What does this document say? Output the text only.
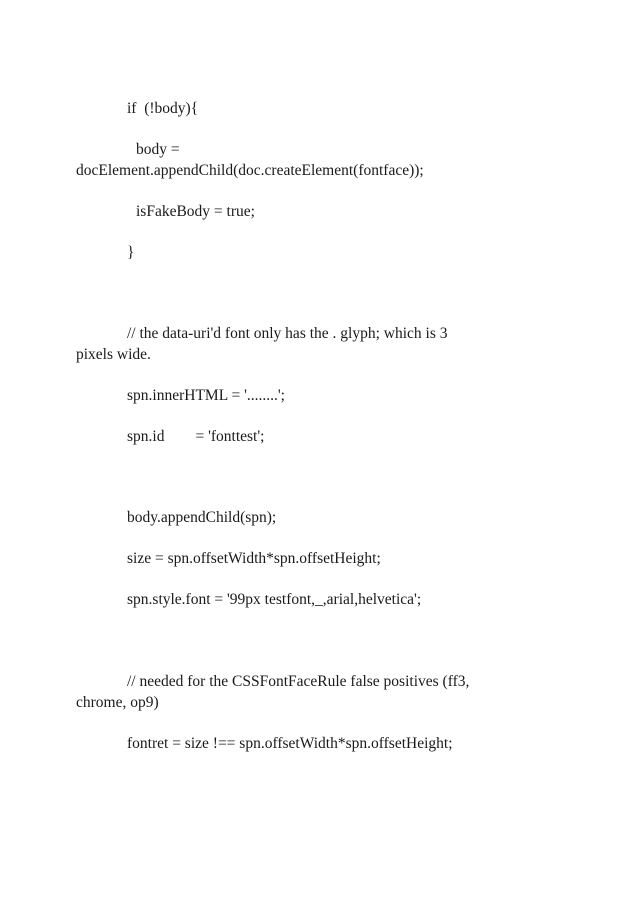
if  (!body){
body =
docElement.appendChild(doc.createElement(fontface));
isFakeBody = true;
}
// the data-uri'd font only has the . glyph; which is 3
pixels wide.
spn.innerHTML = '........';
spn.id        = 'fonttest';
body.appendChild(spn);
size = spn.offsetWidth*spn.offsetHeight;
spn.style.font = '99px testfont,_,arial,helvetica';
// needed for the CSSFontFaceRule false positives (ff3,
chrome, op9)
fontret = size !== spn.offsetWidth*spn.offsetHeight;
